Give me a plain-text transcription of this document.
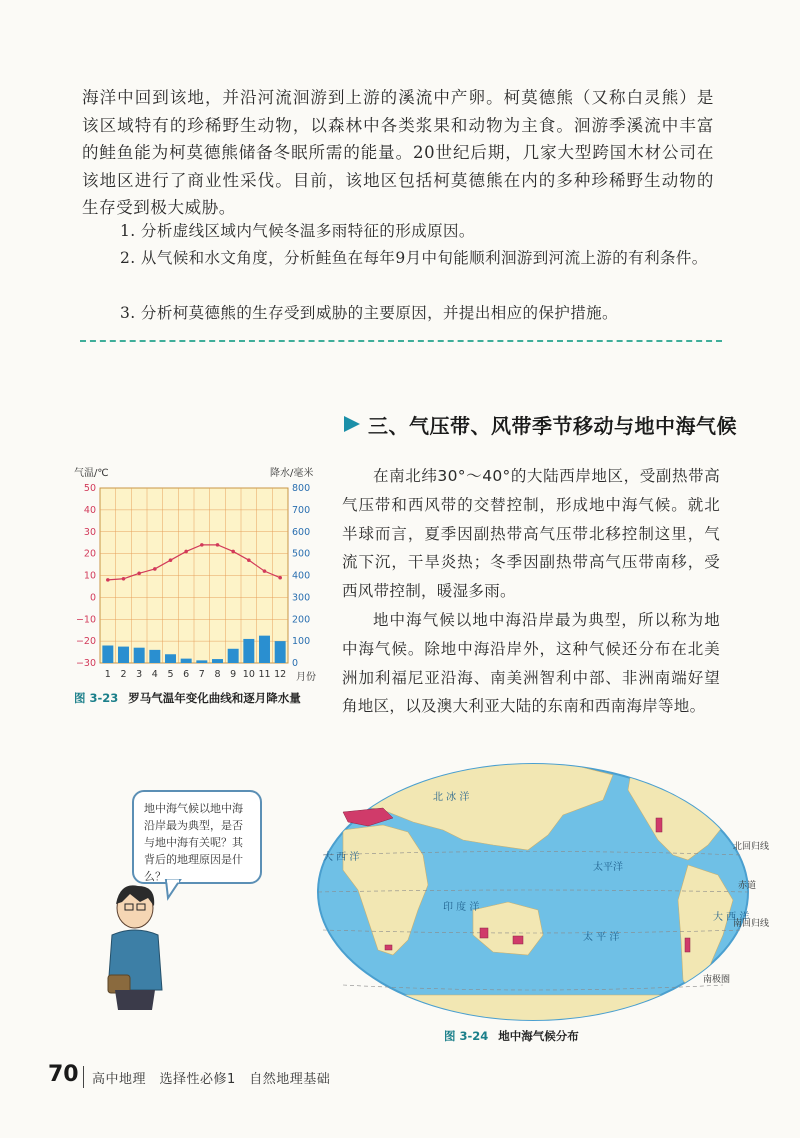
海洋中回到该地，并沿河流洄游到上游的溪流中产卵。柯莫德熊（又称白灵熊）是该区域特有的珍稀野生动物，以森林中各类浆果和动物为主食。洄游季溪流中丰富的鲑鱼能为柯莫德熊储备冬眠所需的能量。20世纪后期，几家大型跨国木材公司在该地区进行了商业性采伐。目前，该地区包括柯莫德熊在内的多种珍稀野生动物的生存受到极大威胁。

1. 分析虚线区域内气候冬温多雨特征的形成原因。

2. 从气候和水文角度，分析鲑鱼在每年9月中旬能顺利洄游到河流上游的有利条件。

3. 分析柯莫德熊的生存受到威胁的主要原因，并提出相应的保护措施。

三、气压带、风带季节移动与地中海气候

在南北纬30°～40°的大陆西岸地区，受副热带高气压带和西风带的交替控制，形成地中海气候。就北半球而言，夏季因副热带高气压带北移控制这里，气流下沉，干旱炎热；冬季因副热带高气压带南移，受西风带控制，暖湿多雨。

地中海气候以地中海沿岸最为典型，所以称为地中海气候。除地中海沿岸外，这种气候还分布在北美洲加利福尼亚沿海、南美洲智利中部、非洲南端好望角地区，以及澳大利亚大陆的东南和西南海岸等地。

50
40
30
20
10
0
−10
−20
−30
800
700
600
500
400
300
200
100
0
1 2 3 4 5 6 7 8 9 10 11 12
气温/℃	降水/毫米
月份
图 3-23 罗马气温年变化曲线和逐月降水量
北 冰 洋
太平洋
大 西 洋
印 度 洋
大 西 洋
太 平 洋
北回归线
赤道
南回归线
南极圈
图 3-24 地中海气候分布
地中海气候以地中海沿岸最为典型，是否与地中海有关呢？其背后的地理原因是什么？
70 高中地理　选择性必修1　自然地理基础
